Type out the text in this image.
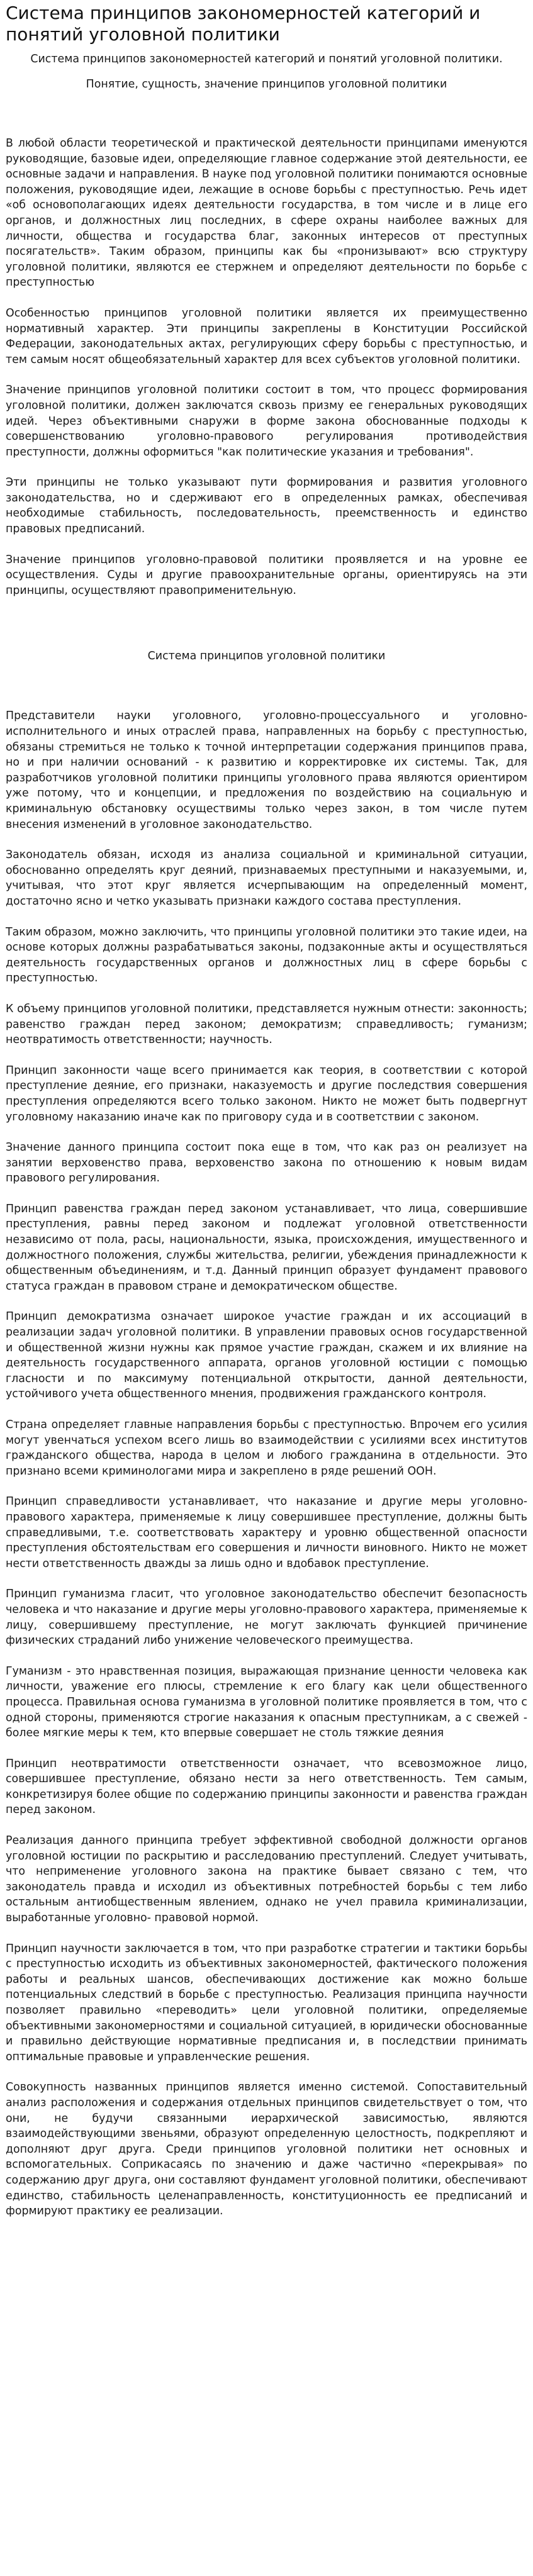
Система принципов закономерностей категорий и понятий уголовной политики
Система принципов закономерностей категорий и понятий уголовной политики.
Понятие, сущность, значение принципов уголовной политики

В любой области теоретической и практической деятельности принципами именуются руководящие, базовые идеи, определяющие главное содержание этой деятельности, ее основные задачи и направления. В науке под уголовной политики понимаются основные положения, руководящие идеи, лежащие в основе борьбы с преступностью. Речь идет «об основополагающих идеях деятельности государства, в том числе и в лице его органов, и должностных лиц последних, в сфере охраны наиболее важных для личности, общества и государства благ, законных интересов от преступных посягательств». Таким образом, принципы как бы «пронизывают» всю структуру уголовной политики, являются ее стержнем и определяют деятельности по борьбе с преступностью

Особенностью принципов уголовной политики является их преимущественно нормативный характер. Эти принципы закреплены в Конституции Российской Федерации, законодательных актах, регулирующих сферу борьбы с преступностью, и тем самым носят общеобязательный характер для всех субъектов уголовной политики.

Значение принципов уголовной политики состоит в том, что процесс формирования уголовной политики, должен заключатся сквозь призму ее генеральных руководящих идей. Через объективными снаружи в форме закона обоснованные подходы к совершенствованию уголовно-правового регулирования противодействия преступности, должны оформиться "как политические указания и требования".

Эти принципы не только указывают пути формирования и развития уголовного законодательства, но и сдерживают его в определенных рамках, обеспечивая необходимые стабильность, последовательность, преемственность и единство правовых предписаний.

Значение принципов уголовно-правовой политики проявляется и на уровне ее осуществления. Суды и другие правоохранительные органы, ориентируясь на эти принципы, осуществляют правоприменительную.

Система принципов уголовной политики

Представители науки уголовного, уголовно-процессуального и уголовно-исполнительного и иных отраслей права, направленных на борьбу с преступностью, обязаны стремиться не только к точной интерпретации содержания принципов права, но и при наличии оснований - к развитию и корректировке их системы. Так, для разработчиков уголовной политики принципы уголовного права являются ориентиром уже потому, что и концепции, и предложения по воздействию на социальную и криминальную обстановку осуществимы только через закон, в том числе путем внесения изменений в уголовное законодательство.

Законодатель обязан, исходя из анализа социальной и криминальной ситуации, обоснованно определять круг деяний, признаваемых преступными и наказуемыми, и, учитывая, что этот круг является исчерпывающим на определенный момент, достаточно ясно и четко указывать признаки каждого состава преступления.

Таким образом, можно заключить, что принципы уголовной политики это такие идеи, на основе которых должны разрабатываться законы, подзаконные акты и осуществляться деятельность государственных органов и должностных лиц в сфере борьбы с преступностью.

К объему принципов уголовной политики, представляется нужным отнести: законность; равенство граждан перед законом; демократизм; справедливость; гуманизм; неотвратимость ответственности; научность.

Принцип законности чаще всего принимается как теория, в соответствии с которой преступление деяние, его признаки, наказуемость и другие последствия совершения преступления определяются всего только законом. Никто не может быть подвергнут уголовному наказанию иначе как по приговору суда и в соответствии с законом.

Значение данного принципа состоит пока еще в том, что как раз он реализует на занятии верховенство права, верховенство закона по отношению к новым видам правового регулирования.

Принцип равенства граждан перед законом устанавливает, что лица, совершившие преступления, равны перед законом и подлежат уголовной ответственности независимо от пола, расы, национальности, языка, происхождения, имущественного и должностного положения, службы жительства, религии, убеждения принадлежности к общественным объединениям, и т.д. Данный принцип образует фундамент правового статуса граждан в правовом стране и демократическом обществе.

Принцип демократизма означает широкое участие граждан и их ассоциаций в реализации задач уголовной политики. В управлении правовых основ государственной и общественной жизни нужны как прямое участие граждан, скажем и их влияние на деятельность государственного аппарата, органов уголовной юстиции с помощью гласности и по максимуму потенциальной открытости, данной деятельности, устойчивого учета общественного мнения, продвижения гражданского контроля.

Страна определяет главные направления борьбы с преступностью. Впрочем его усилия могут увенчаться успехом всего лишь во взаимодействии с усилиями всех институтов гражданского общества, народа в целом и любого гражданина в отдельности. Это признано всеми криминологами мира и закреплено в ряде решений ООН.

Принцип справедливости устанавливает, что наказание и другие меры уголовно-правового характера, применяемые к лицу совершившее преступление, должны быть справедливыми, т.е. соответствовать характеру и уровню общественной опасности преступления обстоятельствам его совершения и личности виновного. Никто не может нести ответственность дважды за лишь одно и вдобавок преступление.

Принцип гуманизма гласит, что уголовное законодательство обеспечит безопасность человека и что наказание и другие меры уголовно-правового характера, применяемые к лицу, совершившему преступление, не могут заключать функцией причинение физических страданий либо унижение человеческого преимущества.

Гуманизм - это нравственная позиция, выражающая признание ценности человека как личности, уважение его плюсы, стремление к его благу как цели общественного процесса. Правильная основа гуманизма в уголовной политике проявляется в том, что с одной стороны, применяются строгие наказания к опасным преступникам, а с свежей - более мягкие меры к тем, кто впервые совершает не столь тяжкие деяния

Принцип неотвратимости ответственности означает, что всевозможное лицо, совершившее преступление, обязано нести за него ответственность. Тем самым, конкретизируя более общие по содержанию принципы законности и равенства граждан перед законом.

Реализация данного принципа требует эффективной свободной должности органов уголовной юстиции по раскрытию и расследованию преступлений. Следует учитывать, что неприменение уголовного закона на практике бывает связано с тем, что законодатель правда и исходил из объективных потребностей борьбы с тем либо остальным антиобщественным явлением, однако не учел правила криминализации, выработанные уголовно- правовой нормой.

Принцип научности заключается в том, что при разработке стратегии и тактики борьбы с преступностью исходить из объективных закономерностей, фактического положения работы и реальных шансов, обеспечивающих достижение как можно больше потенциальных следствий в борьбе с преступностью. Реализация принципа научности позволяет правильно «переводить» цели уголовной политики, определяемые объективными закономерностями и социальной ситуацией, в юридически обоснованные и правильно действующие нормативные предписания и, в последствии принимать оптимальные правовые и управленческие решения.

Совокупность названных принципов является именно системой. Сопоставительный анализ расположения и содержания отдельных принципов свидетельствует о том, что они, не будучи связанными иерархической зависимостью, являются взаимодействующими звеньями, образуют определенную целостность, подкрепляют и дополняют друг друга. Среди принципов уголовной политики нет основных и вспомогательных. Соприкасаясь по значению и даже частично «перекрывая» по содержанию друг друга, они составляют фундамент уголовной политики, обеспечивают единство, стабильность целенаправленность, конституционность ее предписаний и формируют практику ее реализации.
